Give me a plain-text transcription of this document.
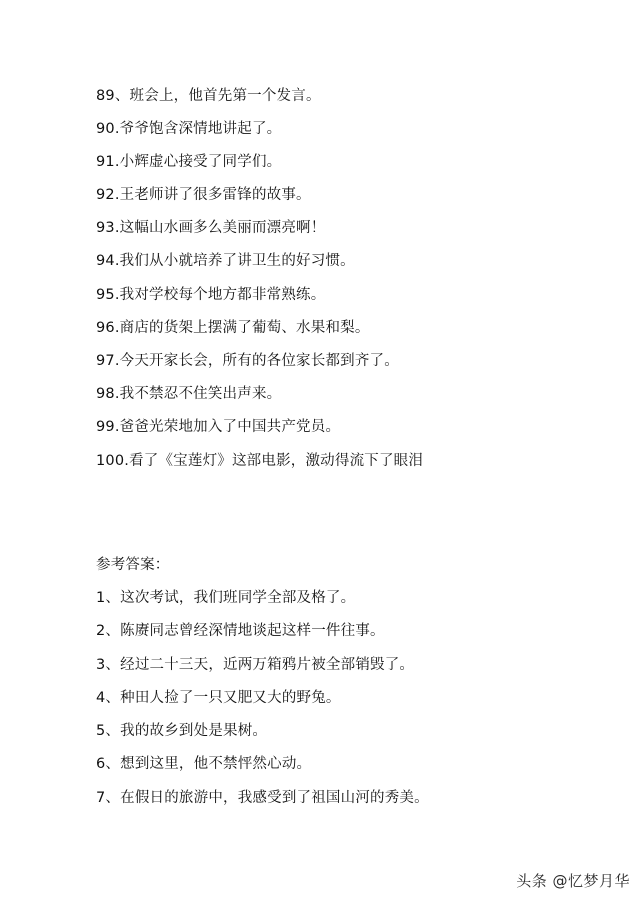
89、班会上，他首先第一个发言。
90.爷爷饱含深情地讲起了。
91.小辉虚心接受了同学们。
92.王老师讲了很多雷锋的故事。
93.这幅山水画多么美丽而漂亮啊！
94.我们从小就培养了讲卫生的好习惯。
95.我对学校每个地方都非常熟练。
96.商店的货架上摆满了葡萄、水果和梨。
97.今天开家长会，所有的各位家长都到齐了。
98.我不禁忍不住笑出声来。
99.爸爸光荣地加入了中国共产党员。
100.看了《宝莲灯》这部电影，激动得流下了眼泪
参考答案：
1、这次考试，我们班同学全部及格了。
2、陈赓同志曾经深情地谈起这样一件往事。
3、经过二十三天，近两万箱鸦片被全部销毁了。
4、种田人捡了一只又肥又大的野兔。
5、我的故乡到处是果树。
6、想到这里，他不禁怦然心动。
7、在假日的旅游中，我感受到了祖国山河的秀美。
头条 @忆梦月华
